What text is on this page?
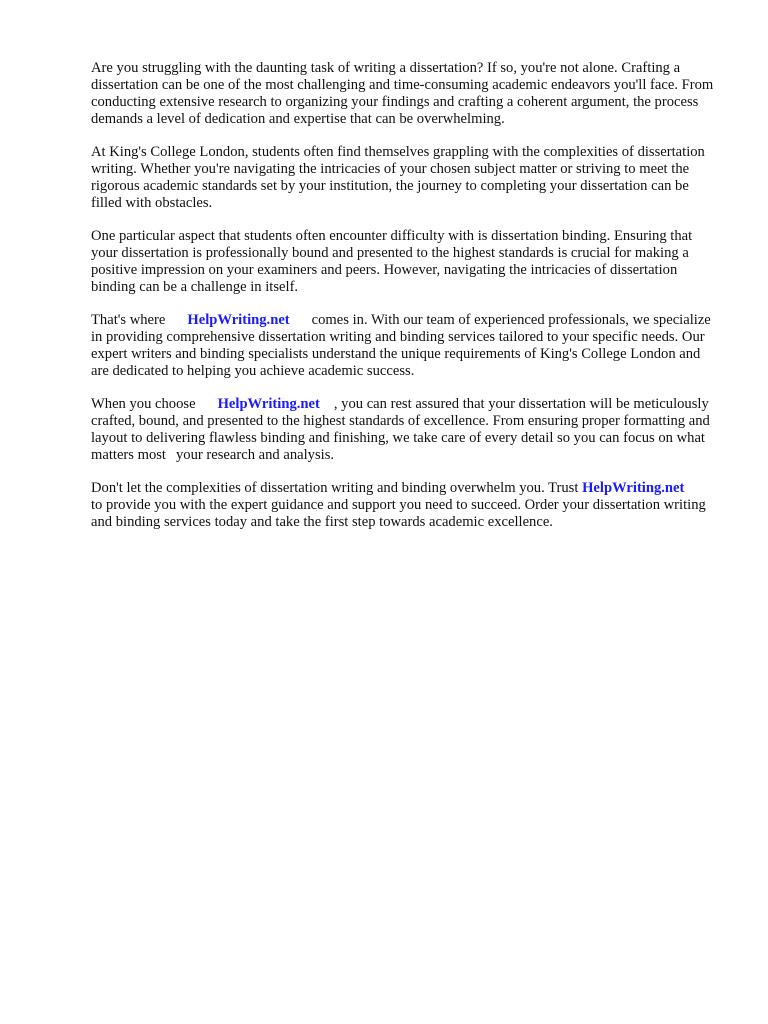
Are you struggling with the daunting task of writing a dissertation? If so, you're not alone. Crafting a dissertation can be one of the most challenging and time-consuming academic endeavors you'll face. From conducting extensive research to organizing your findings and crafting a coherent argument, the process demands a level of dedication and expertise that can be overwhelming.

At King's College London, students often find themselves grappling with the complexities of dissertation writing. Whether you're navigating the intricacies of your chosen subject matter or striving to meet the rigorous academic standards set by your institution, the journey to completing your dissertation can be filled with obstacles.

One particular aspect that students often encounter difficulty with is dissertation binding. Ensuring that your dissertation is professionally bound and presented to the highest standards is crucial for making a positive impression on your examiners and peers. However, navigating the intricacies of dissertation binding can be a challenge in itself.

That's where HelpWriting.net comes in. With our team of experienced professionals, we specialize in providing comprehensive dissertation writing and binding services tailored to your specific needs. Our expert writers and binding specialists understand the unique requirements of King's College London and are dedicated to helping you achieve academic success.

When you choose HelpWriting.net , you can rest assured that your dissertation will be meticulously crafted, bound, and presented to the highest standards of excellence. From ensuring proper formatting and layout to delivering flawless binding and finishing, we take care of every detail so you can focus on what matters most your research and analysis.

Don't let the complexities of dissertation writing and binding overwhelm you. Trust HelpWriting.netto provide you with the expert guidance and support you need to succeed. Order your dissertation writing and binding services today and take the first step towards academic excellence.
